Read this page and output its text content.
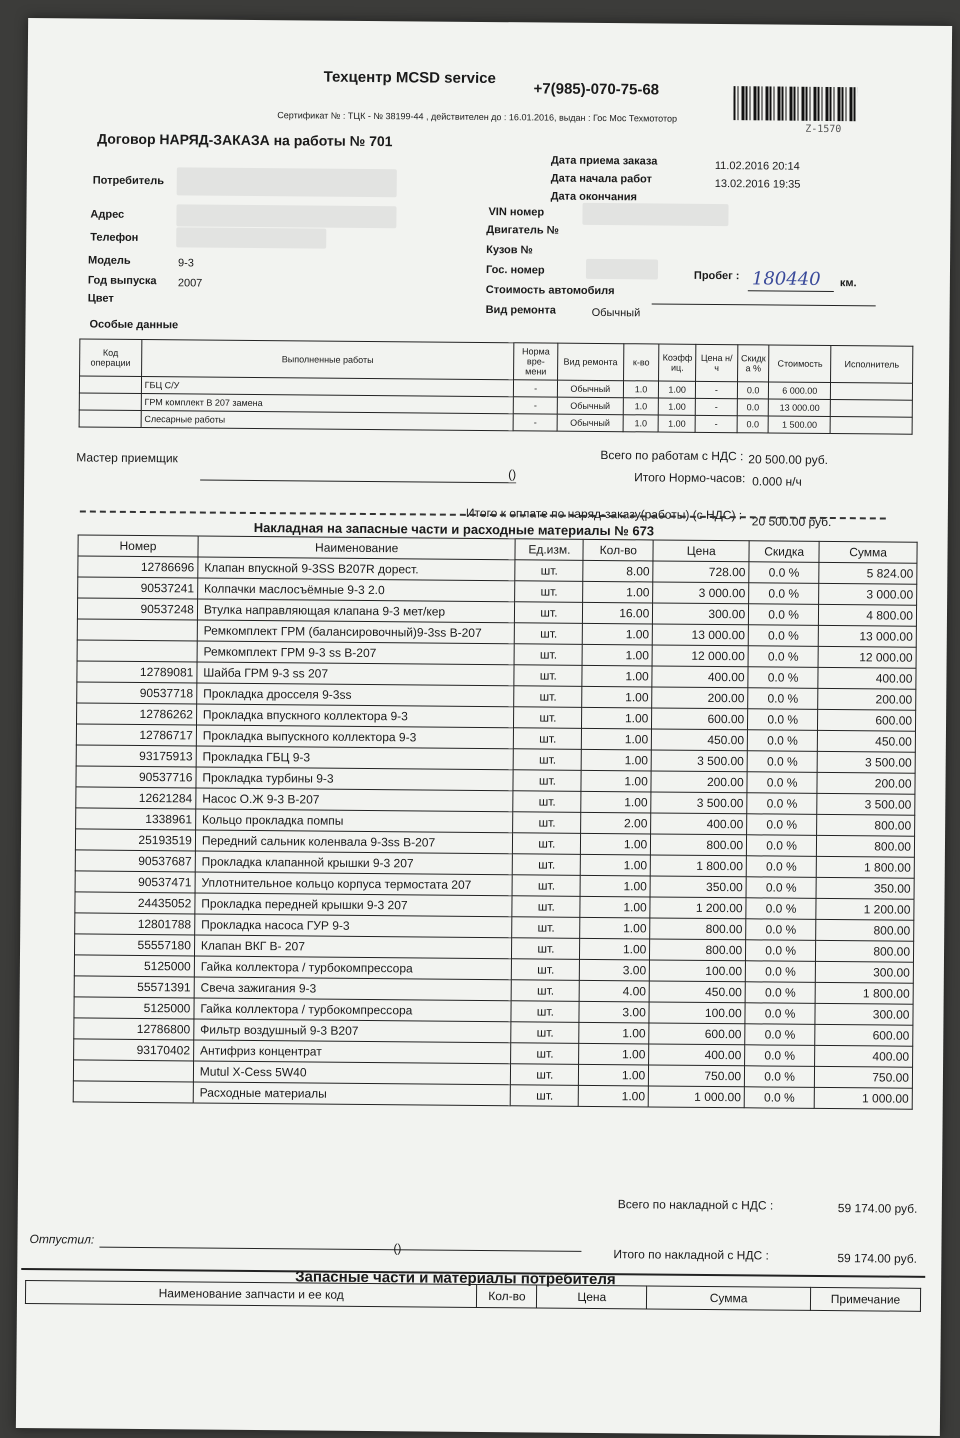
Техцентр MCSD service
+7(985)-070-75-68
Сертификат № : ТЦК - № 38199-44 , действителен до : 16.01.2016, выдан : Гос Мос Техмототор
Z-1570
Договор НАРЯД-ЗАКАЗА на работы № 701
Дата приема заказа	11.02.2016 20:14
Дата начала работ	13.02.2016 19:35
Дата окончания
Потребитель
Адрес
Телефон
Модель	9-3
Год выпуска 2007
Цвет
Особые данные
VIN номер
Двигатель №
Кузов №
Гос. номер	Пробег : 180440 км.
Стоимость автомобиля
Вид ремонта	Обычный
Код операции	Выполненные работы	Норма вре-мени	Вид ремонта	к-во	Коэфф иц.	Цена н/ч	Скидк а %	Стоимость	Исполнитель
	ГБЦ С/У	-	Обычный	1.0	1.00	-	0.0	6 000.00	
	ГРМ комплект В 207 замена	-	Обычный	1.0	1.00	-	0.0	13 000.00	
	Слесарные работы	-	Обычный	1.0	1.00	-	0.0	1 500.00	
Всего по работам с НДС : 20 500.00 руб.
Мастер приемщик
()	Итого Нормо-часов: 0.000 н/ч
Итого к оплате по наряд-заказу(работы) (с НДС) : 20 500.00 руб.
Накладная на запасные части и расходные материалы № 673
Номер	Наименование	Ед.изм.	Кол-во	Цена	Скидка	Сумма
12786696	Клапан впускной 9-3SS B207R дорест.	шт.	8.00	728.00	0.0 %	5 824.00
90537241	Колпачки маслосъёмные 9-3 2.0	шт.	1.00	3 000.00	0.0 %	3 000.00
90537248	Втулка направляющая клапана 9-3 мет/кер	шт.	16.00	300.00	0.0 %	4 800.00
	Ремкомплект ГРМ (балансировочный)9-3ss B-207	шт.	1.00	13 000.00	0.0 %	13 000.00
	Ремкомплект ГРМ 9-3 ss B-207	шт.	1.00	12 000.00	0.0 %	12 000.00
12789081	Шайба ГРМ 9-3 ss 207	шт.	1.00	400.00	0.0 %	400.00
90537718	Прокладка дросселя 9-3ss	шт.	1.00	200.00	0.0 %	200.00
12786262	Прокладка впускного коллектора 9-3	шт.	1.00	600.00	0.0 %	600.00
12786717	Прокладка выпускного коллектора 9-3	шт.	1.00	450.00	0.0 %	450.00
93175913	Прокладка ГБЦ 9-3	шт.	1.00	3 500.00	0.0 %	3 500.00
90537716	Прокладка турбины 9-3	шт.	1.00	200.00	0.0 %	200.00
12621284	Насос О.Ж 9-3 B-207	шт.	1.00	3 500.00	0.0 %	3 500.00
1338961	Кольцо прокладка помпы	шт.	2.00	400.00	0.0 %	800.00
25193519	Передний сальник коленвала 9-3ss B-207	шт.	1.00	800.00	0.0 %	800.00
90537687	Прокладка клапанной крышки 9-3 207	шт.	1.00	1 800.00	0.0 %	1 800.00
90537471	Уплотнительное кольцо корпуса термостата 207	шт.	1.00	350.00	0.0 %	350.00
24435052	Прокладка передней крышки 9-3 207	шт.	1.00	1 200.00	0.0 %	1 200.00
12801788	Прокладка насоса ГУР 9-3	шт.	1.00	800.00	0.0 %	800.00
55557180	Клапан ВКГ B- 207	шт.	1.00	800.00	0.0 %	800.00
5125000	Гайка коллектора / турбокомпрессора	шт.	3.00	100.00	0.0 %	300.00
55571391	Свеча зажигания 9-3	шт.	4.00	450.00	0.0 %	1 800.00
5125000	Гайка коллектора / турбокомпрессора	шт.	3.00	100.00	0.0 %	300.00
12786800	Фильтр воздушный 9-3 B207	шт.	1.00	600.00	0.0 %	600.00
93170402	Антифриз концентрат	шт.	1.00	400.00	0.0 %	400.00
	Mutul X-Cess 5W40	шт.	1.00	750.00	0.0 %	750.00
	Расходные материалы	шт.	1.00	1 000.00	0.0 %	1 000.00
Всего по накладной с НДС :	59 174.00 руб.
Отпустил:
()	Итого по накладной с НДС :	59 174.00 руб.
Запасные части и материалы потребителя
Наименование запчасти и ее код	Кол-во	Цена	Сумма	Примечание
